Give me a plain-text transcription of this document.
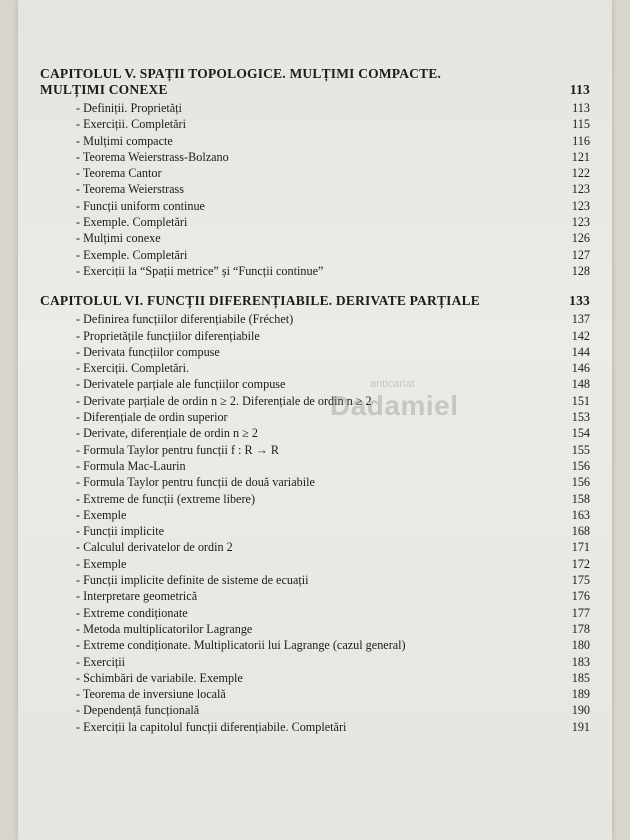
CAPITOLUL V. SPAȚII TOPOLOGICE. MULȚIMI COMPACTE.
MULȚIMI CONEXE	113
- Definiții. Proprietăți	113
- Exerciții. Completări	115
- Mulțimi compacte	116
- Teorema Weierstrass-Bolzano	121
- Teorema Cantor	122
- Teorema Weierstrass	123
- Funcții uniform continue	123
- Exemple. Completări	123
- Mulțimi conexe	126
- Exemple. Completări	127
- Exerciții la “Spații metrice” și “Funcții continue”	128
CAPITOLUL VI. FUNCȚII DIFERENȚIABILE. DERIVATE PARȚIALE	133
- Definirea funcțiilor diferențiabile (Fréchet)	137
- Proprietățile funcțiilor diferențiabile	142
- Derivata funcțiilor compuse	144
- Exerciții. Completări.	146
- Derivatele parțiale ale funcțiilor compuse	148
- Derivate parțiale de ordin n ≥ 2. Diferențiale de ordin n ≥ 2	151
- Diferențiale de ordin superior	153
- Derivate, diferențiale de ordin n ≥ 2	154
- Formula Taylor pentru funcții f : R → R	155
- Formula Mac-Laurin	156
- Formula Taylor pentru funcții de două variabile	156
- Extreme de funcții (extreme libere)	158
- Exemple	163
- Funcții implicite	168
- Calculul derivatelor de ordin 2	171
- Exemple	172
- Funcții implicite definite de sisteme de ecuații	175
- Interpretare geometrică	176
- Extreme condiționate	177
- Metoda multiplicatorilor Lagrange	178
- Extreme condiționate. Multiplicatorii lui Lagrange (cazul general)	180
- Exerciții	183
- Schimbări de variabile. Exemple	185
- Teorema de inversiune locală	189
- Dependență funcțională	190
- Exerciții la capitolul funcții diferențiabile. Completări	191
anticariat
Dadamiel
